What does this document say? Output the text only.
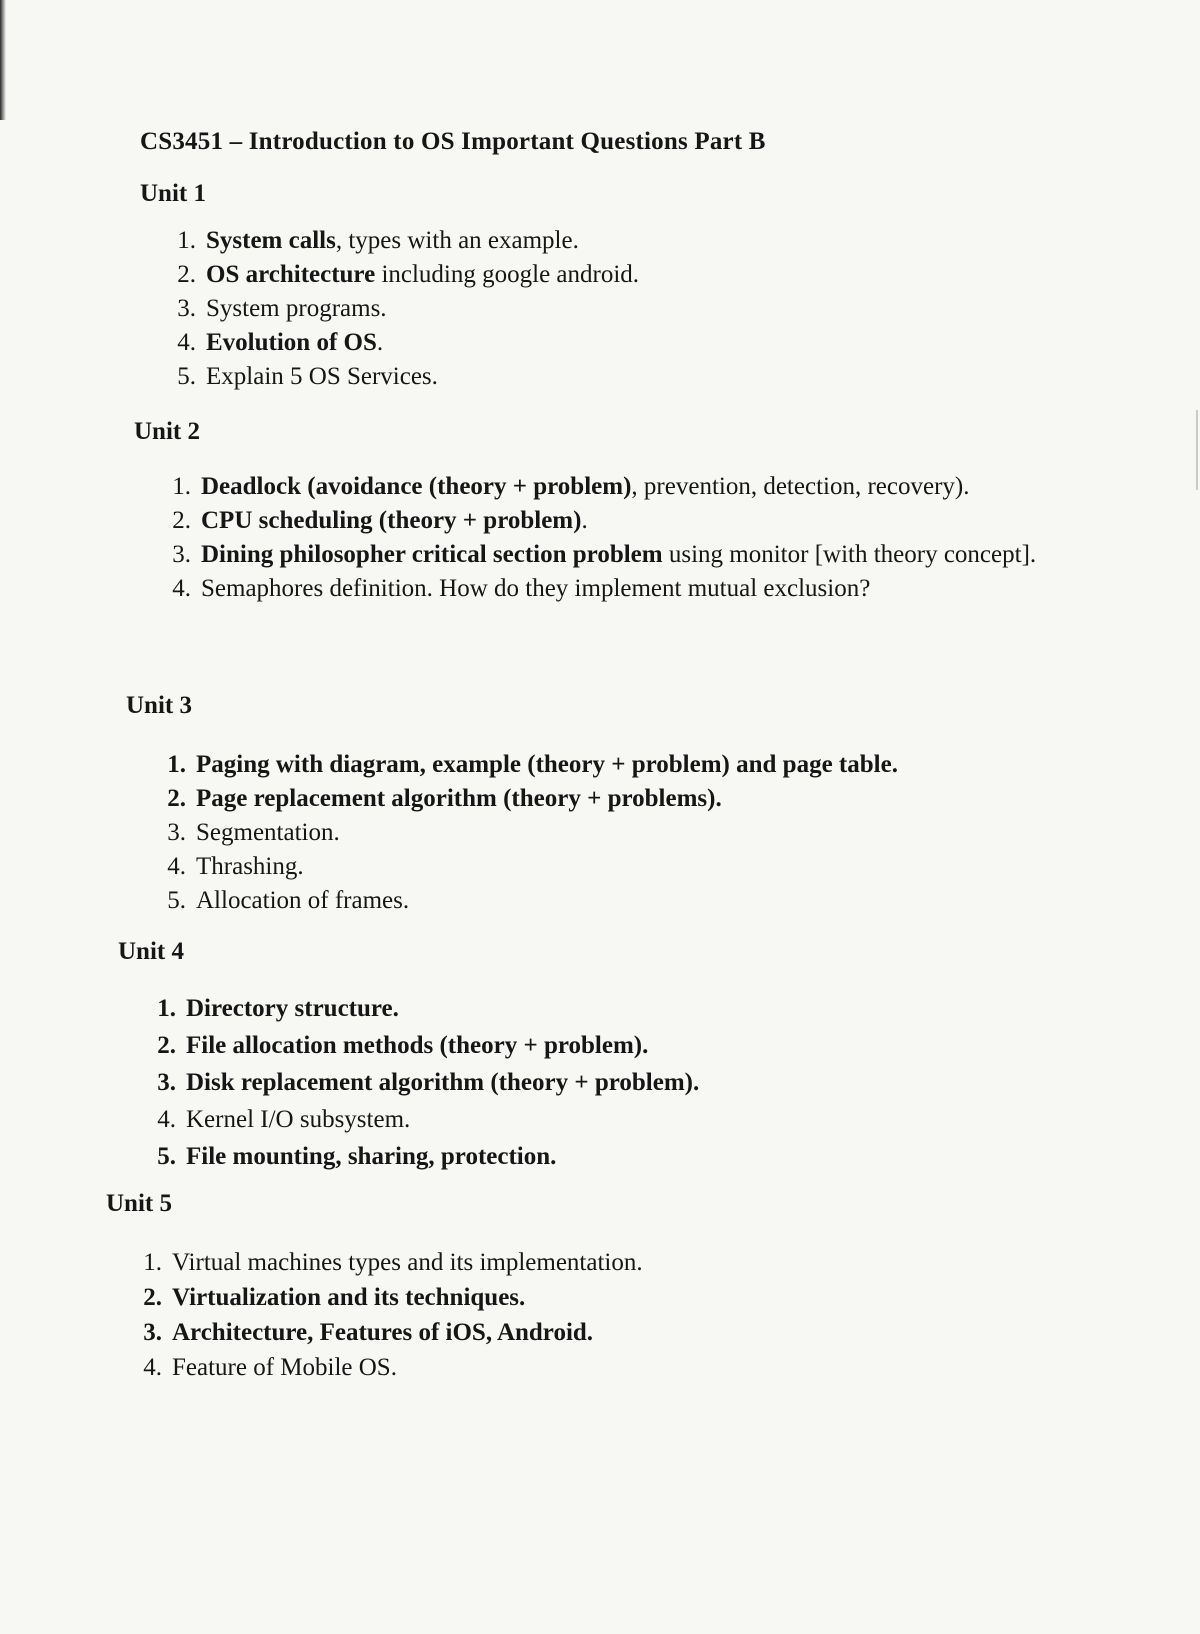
CS3451 – Introduction to OS Important Questions Part B
Unit 1
1. System calls, types with an example.
2. OS architecture including google android.
3. System programs.
4. Evolution of OS.
5. Explain 5 OS Services.
Unit 2
1. Deadlock (avoidance (theory + problem), prevention, detection, recovery).
2. CPU scheduling (theory + problem).
3. Dining philosopher critical section problem using monitor [with theory concept].
4. Semaphores definition. How do they implement mutual exclusion?
Unit 3
1. Paging with diagram, example (theory + problem) and page table.
2. Page replacement algorithm (theory + problems).
3. Segmentation.
4. Thrashing.
5. Allocation of frames.
Unit 4
1. Directory structure.
2. File allocation methods (theory + problem).
3. Disk replacement algorithm (theory + problem).
4. Kernel I/O subsystem.
5. File mounting, sharing, protection.
Unit 5
1. Virtual machines types and its implementation.
2. Virtualization and its techniques.
3. Architecture, Features of iOS, Android.
4. Feature of Mobile OS.
